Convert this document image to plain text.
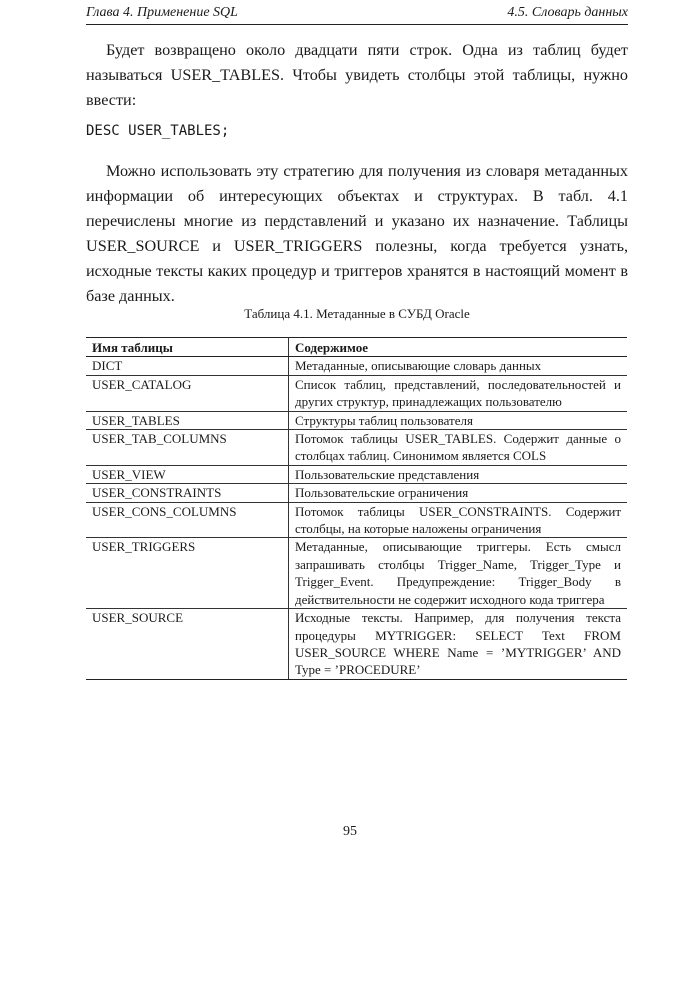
Глава 4. Применение SQL	4.5. Словарь данных

Будет возвращено около двадцати пяти строк. Одна из таблиц будет называться USER_TABLES. Чтобы увидеть столбцы этой таблицы, нужно ввести:

DESC USER_TABLES;

Можно использовать эту стратегию для получения из словаря метаданных информации об интересующих объектах и структурах. В табл. 4.1 перечислены многие из пердставлений и указано их назначение. Таблицы USER_SOURCE и USER_TRIGGERS полезны, когда требуется узнать, исходные тексты каких процедур и триггеров хранятся в настоящий момент в базе данных.

Таблица 4.1. Метаданные в СУБД Oracle
Имя таблицы	Содержимое
DICT	Метаданные, описывающие словарь данных
USER_CATALOG	Список таблиц, представлений, последовательностей и других структур, принадлежащих пользователю
USER_TABLES	Структуры таблиц пользователя
USER_TAB_COLUMNS	Потомок таблицы USER_TABLES. Содержит данные о столбцах таблиц. Синонимом является COLS
USER_VIEW	Пользовательские представления
USER_CONSTRAINTS	Пользовательские ограничения
USER_CONS_COLUMNS	Потомок таблицы USER_CONSTRAINTS. Содержит столбцы, на которые наложены ограничения
USER_TRIGGERS	Метаданные, описывающие триггеры. Есть смысл запрашивать столбцы Trigger_Name, Trigger_Type и Trigger_Event. Предупреждение: Trigger_Body в действительности не содержит исходного кода триггера
USER_SOURCE	Исходные тексты. Например, для получения текста процедуры MYTRIGGER: SELECT Text FROM USER_SOURCE WHERE Name = ’MYTRIGGER’ AND Type = ’PROCEDURE’
95
